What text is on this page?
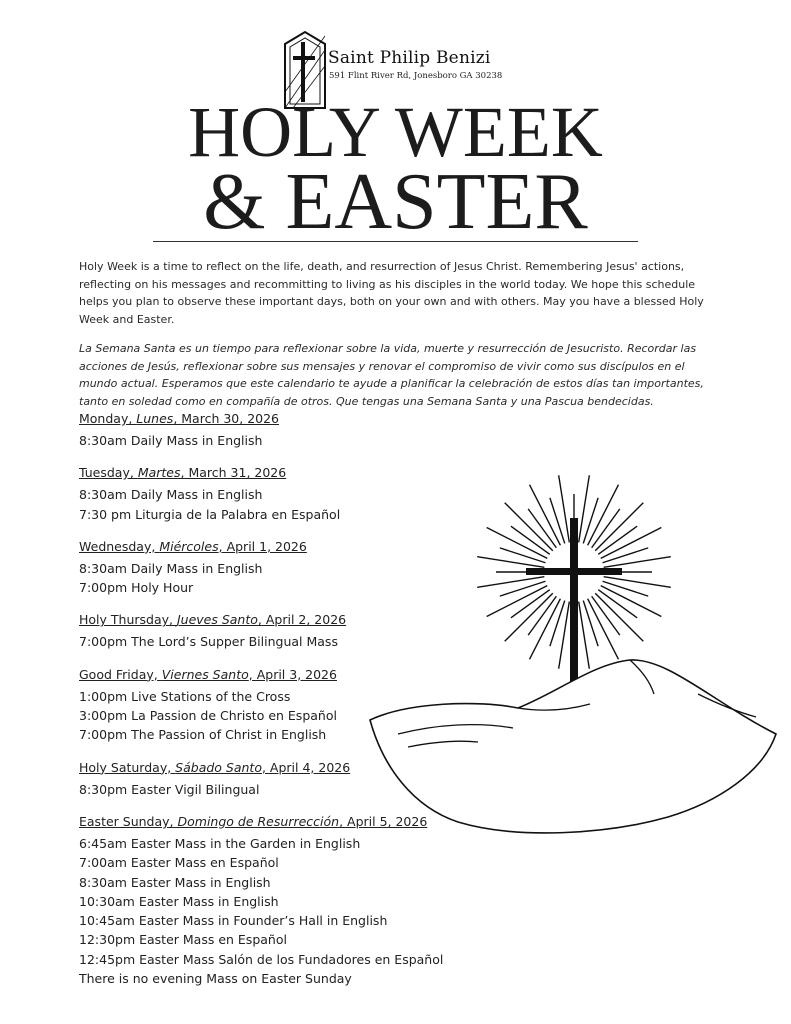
Saint Philip Benizi
591 Flint River Rd, Jonesboro GA 30238
HOLY WEEK
& EASTER
Holy Week is a time to reflect on the life, death, and resurrection of Jesus Christ. Remembering Jesus' actions, reflecting on his messages and recommitting to living as his disciples in the world today. We hope this schedule helps you plan to observe these important days, both on your own and with others. May you have a blessed Holy Week and Easter.
La Semana Santa es un tiempo para reflexionar sobre la vida, muerte y resurrección de Jesucristo. Recordar las acciones de Jesús, reflexionar sobre sus mensajes y renovar el compromiso de vivir como sus discípulos en el mundo actual. Esperamos que este calendario te ayude a planificar la celebración de estos días tan importantes, tanto en soledad como en compañía de otros. Que tengas una Semana Santa y una Pascua bendecidas.
Monday, Lunes, March 30, 2026
8:30am Daily Mass in English
Tuesday, Martes, March 31, 2026
8:30am Daily Mass in English
7:30 pm Liturgia de la Palabra en Español
Wednesday, Miércoles, April 1, 2026
8:30am Daily Mass in English
7:00pm Holy Hour
Holy Thursday, Jueves Santo, April 2, 2026
7:00pm The Lord’s Supper Bilingual Mass
Good Friday, Viernes Santo, April 3, 2026
1:00pm Live Stations of the Cross
3:00pm La Passion de Christo en Español
7:00pm The Passion of Christ in English
Holy Saturday, Sábado Santo, April 4, 2026
8:30pm Easter Vigil Bilingual
Easter Sunday, Domingo de Resurrección, April 5, 2026
6:45am Easter Mass in the Garden in English
7:00am Easter Mass en Español
8:30am Easter Mass in English
10:30am Easter Mass in English
10:45am Easter Mass in Founder’s Hall in English
12:30pm Easter Mass en Español
12:45pm Easter Mass Salón de los Fundadores en Español
There is no evening Mass on Easter Sunday
